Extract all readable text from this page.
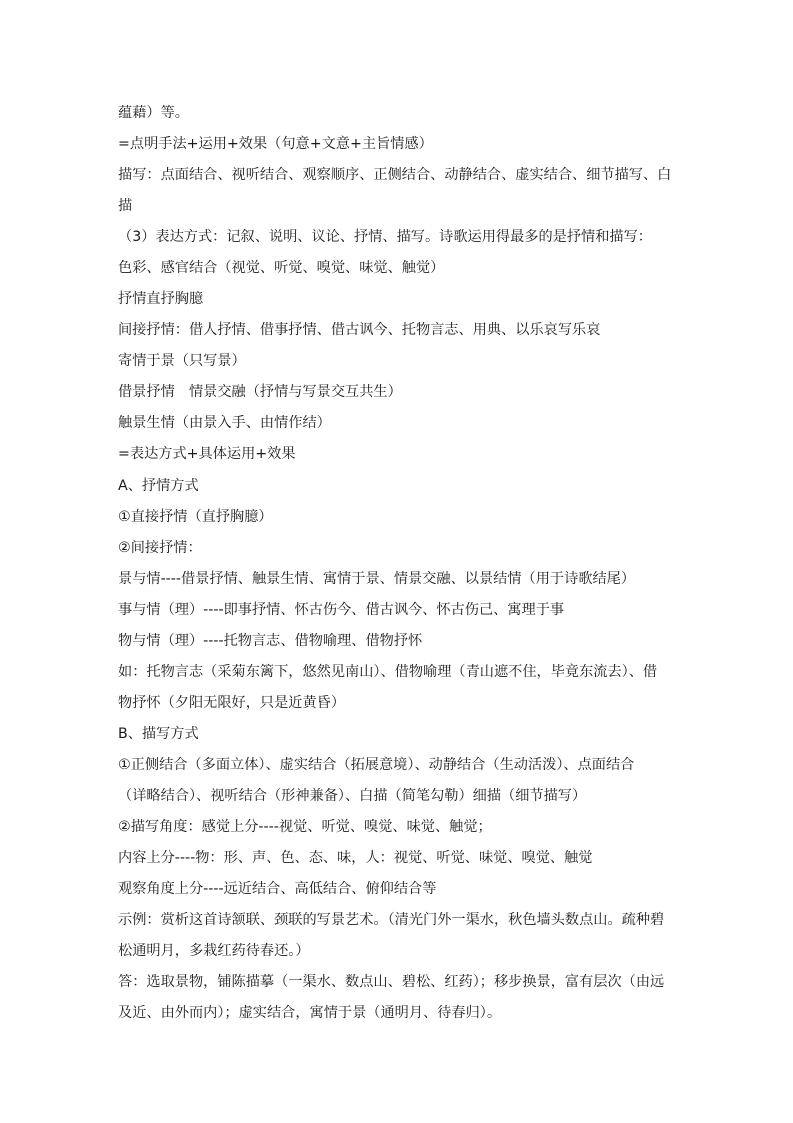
蕴藉）等。
=点明手法+运用+效果（句意+文意+主旨情感）
描写：点面结合、视听结合、观察顺序、正侧结合、动静结合、虚实结合、细节描写、白
描
（3）表达方式：记叙、说明、议论、抒情、描写。诗歌运用得最多的是抒情和描写：
色彩、感官结合（视觉、听觉、嗅觉、味觉、触觉）
抒情直抒胸臆
间接抒情：借人抒情、借事抒情、借古讽今、托物言志、用典、以乐哀写乐哀
寄情于景（只写景）
借景抒情　情景交融（抒情与写景交互共生）
触景生情（由景入手、由情作结）
=表达方式+具体运用+效果
A、抒情方式
①直接抒情（直抒胸臆）
②间接抒情：
景与情----借景抒情、触景生情、寓情于景、情景交融、以景结情（用于诗歌结尾）
事与情（理）----即事抒情、怀古伤今、借古讽今、怀古伤己、寓理于事
物与情（理）----托物言志、借物喻理、借物抒怀
如：托物言志（采菊东篱下，悠然见南山）、借物喻理（青山遮不住，毕竟东流去）、借
物抒怀（夕阳无限好，只是近黄昏）
B、描写方式
①正侧结合（多面立体）、虚实结合（拓展意境）、动静结合（生动活泼）、点面结合
（详略结合）、视听结合（形神兼备）、白描（简笔勾勒）细描（细节描写）
②描写角度：感觉上分----视觉、听觉、嗅觉、味觉、触觉；
内容上分----物：形、声、色、态、味，人：视觉、听觉、味觉、嗅觉、触觉
观察角度上分----远近结合、高低结合、俯仰结合等
示例：赏析这首诗颔联、颈联的写景艺术。（清光门外一渠水，秋色墙头数点山。疏种碧
松通明月，多栽红药待春还。）
答：选取景物，铺陈描摹（一渠水、数点山、碧松、红药）；移步换景，富有层次（由远
及近、由外而内）；虚实结合，寓情于景（通明月、待春归）。
